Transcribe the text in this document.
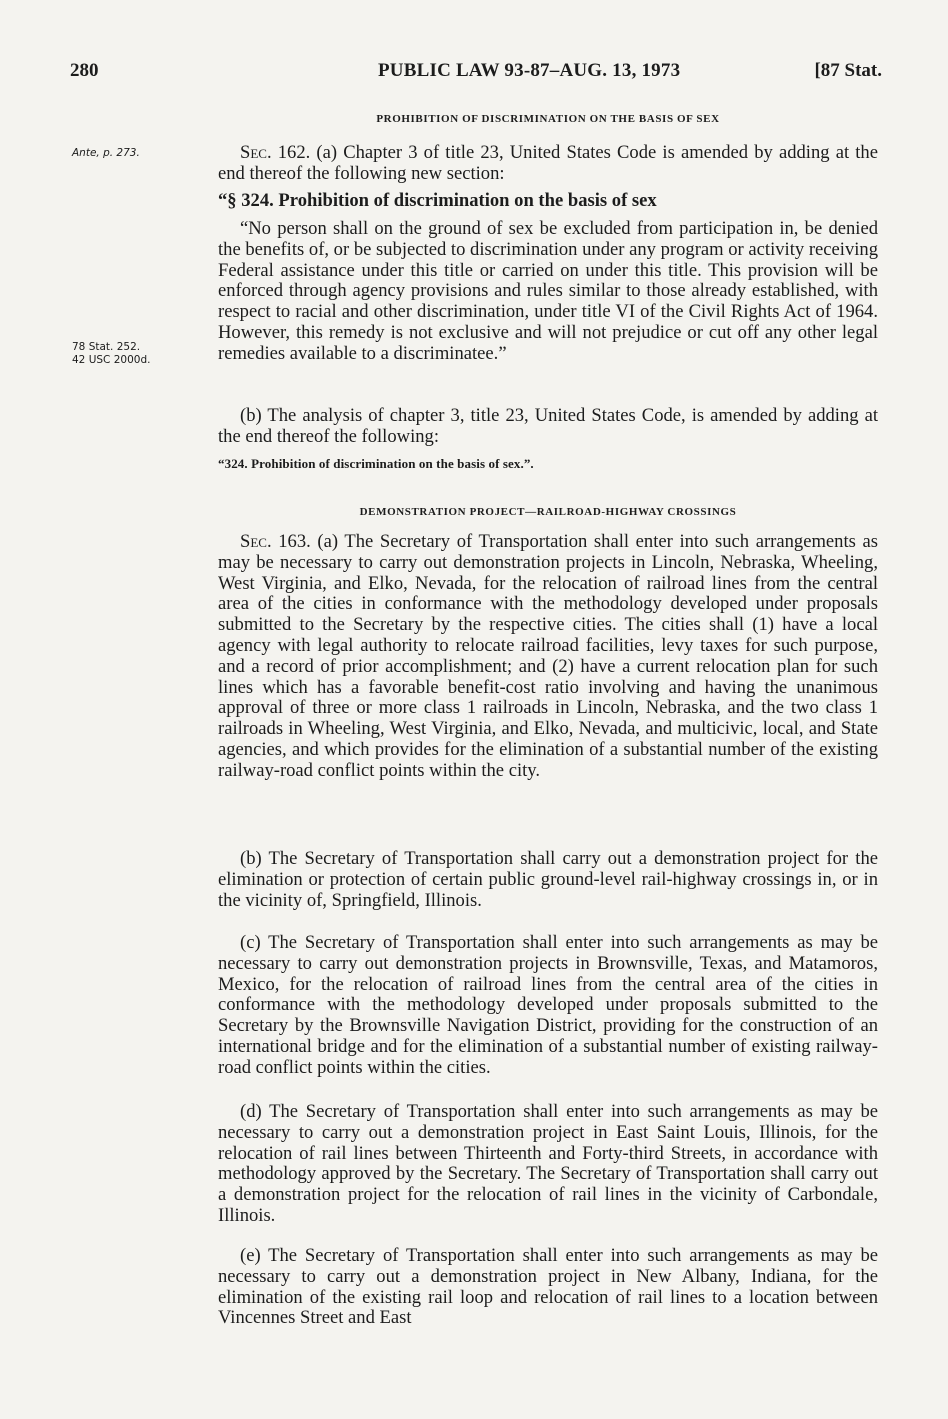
280	PUBLIC LAW 93-87–AUG. 13, 1973	[87 Stat.
PROHIBITION OF DISCRIMINATION ON THE BASIS OF SEX
Ante, p. 273.	Sec. 162. (a) Chapter 3 of title 23, United States Code is amended by adding at the end thereof the following new section:
“§ 324. Prohibition of discrimination on the basis of sex
“No person shall on the ground of sex be excluded from participation in, be denied the benefits of, or be subjected to discrimination under any program or activity receiving Federal assistance under this title or carried on under this title. This provision will be enforced through agency provisions and rules similar to those already established, with respect to racial and other discrimination, under title VI of the Civil Rights Act of 1964. However, this remedy is not exclusive and will not prejudice or cut off any other legal remedies available to a discriminatee.”
78 Stat. 252.
42 USC 2000d.
(b) The analysis of chapter 3, title 23, United States Code, is amended by adding at the end thereof the following:
“324. Prohibition of discrimination on the basis of sex.”.
DEMONSTRATION PROJECT—RAILROAD-HIGHWAY CROSSINGS
Sec. 163. (a) The Secretary of Transportation shall enter into such arrangements as may be necessary to carry out demonstration projects in Lincoln, Nebraska, Wheeling, West Virginia, and Elko, Nevada, for the relocation of railroad lines from the central area of the cities in conformance with the methodology developed under proposals submitted to the Secretary by the respective cities. The cities shall (1) have a local agency with legal authority to relocate railroad facilities, levy taxes for such purpose, and a record of prior accomplishment; and (2) have a current relocation plan for such lines which has a favorable benefit-cost ratio involving and having the unanimous approval of three or more class 1 railroads in Lincoln, Nebraska, and the two class 1 railroads in Wheeling, West Virginia, and Elko, Nevada, and multicivic, local, and State agencies, and which provides for the elimination of a substantial number of the existing railway-road conflict points within the city.
(b) The Secretary of Transportation shall carry out a demonstration project for the elimination or protection of certain public ground-level rail-highway crossings in, or in the vicinity of, Springfield, Illinois.
(c) The Secretary of Transportation shall enter into such arrangements as may be necessary to carry out demonstration projects in Brownsville, Texas, and Matamoros, Mexico, for the relocation of railroad lines from the central area of the cities in conformance with the methodology developed under proposals submitted to the Secretary by the Brownsville Navigation District, providing for the construction of an international bridge and for the elimination of a substantial number of existing railway-road conflict points within the cities.
(d) The Secretary of Transportation shall enter into such arrangements as may be necessary to carry out a demonstration project in East Saint Louis, Illinois, for the relocation of rail lines between Thirteenth and Forty-third Streets, in accordance with methodology approved by the Secretary. The Secretary of Transportation shall carry out a demonstration project for the relocation of rail lines in the vicinity of Carbondale, Illinois.
(e) The Secretary of Transportation shall enter into such arrangements as may be necessary to carry out a demonstration project in New Albany, Indiana, for the elimination of the existing rail loop and relocation of rail lines to a location between Vincennes Street and East
